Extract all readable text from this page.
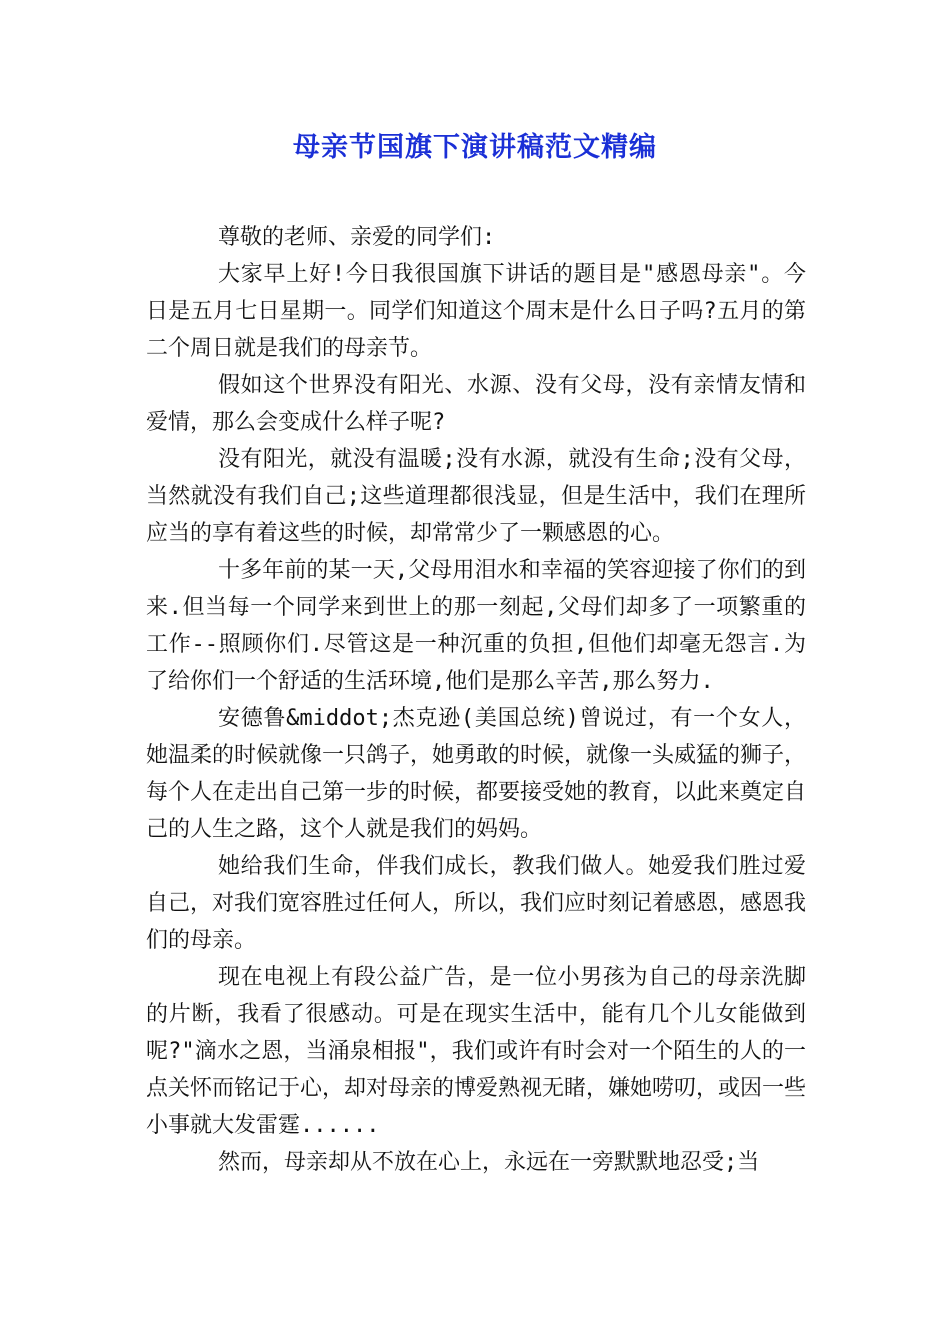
母亲节国旗下演讲稿范文精编

尊敬的老师、亲爱的同学们:

大家早上好!今日我很国旗下讲话的题目是"感恩母亲"。今日是五月七日星期一。同学们知道这个周末是什么日子吗?五月的第二个周日就是我们的母亲节。

假如这个世界没有阳光、水源、没有父母，没有亲情友情和爱情，那么会变成什么样子呢?

没有阳光，就没有温暖;没有水源，就没有生命;没有父母，当然就没有我们自己;这些道理都很浅显，但是生活中，我们在理所应当的享有着这些的时候，却常常少了一颗感恩的心。

十多年前的某一天,父母用泪水和幸福的笑容迎接了你们的到来.但当每一个同学来到世上的那一刻起,父母们却多了一项繁重的工作--照顾你们.尽管这是一种沉重的负担,但他们却毫无怨言.为了给你们一个舒适的生活环境,他们是那么辛苦,那么努力.

安德鲁&middot;杰克逊(美国总统)曾说过，有一个女人，她温柔的时候就像一只鸽子，她勇敢的时候，就像一头威猛的狮子，每个人在走出自己第一步的时候，都要接受她的教育，以此来奠定自己的人生之路，这个人就是我们的妈妈。

她给我们生命，伴我们成长，教我们做人。她爱我们胜过爱自己，对我们宽容胜过任何人，所以，我们应时刻记着感恩，感恩我们的母亲。

现在电视上有段公益广告，是一位小男孩为自己的母亲洗脚的片断，我看了很感动。可是在现实生活中，能有几个儿女能做到呢?"滴水之恩，当涌泉相报"，我们或许有时会对一个陌生的人的一点关怀而铭记于心，却对母亲的博爱熟视无睹，嫌她唠叨，或因一些小事就大发雷霆......

然而，母亲却从不放在心上，永远在一旁默默地忍受;当
